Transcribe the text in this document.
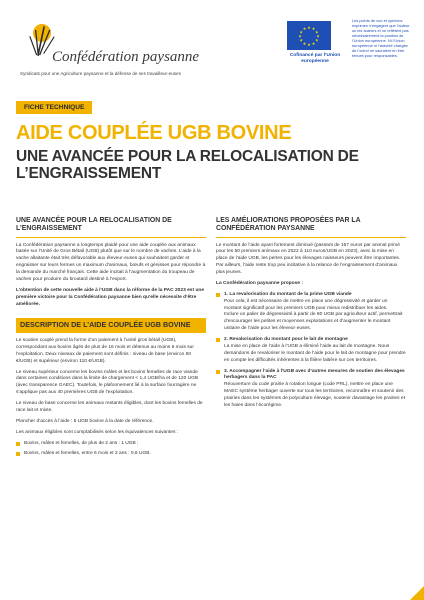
Confédération paysanne
Syndicats pour une Agriculture paysanne et la défense de ses travailleur-euses
★ ★
★
★
★
★
★
★
★
★
★
★
Cofinancé par l’Union européenne
Les points de vue et opinions exprimés n’engagent que l’auteur ou les auteurs et ne reflètent pas nécessairement la position de l’Union européenne. Ni l’Union européenne ni l’autorité chargée de l’octroi ne sauraient en être tenues pour responsables.
FICHE TECHNIQUE
AIDE COUPLÉE UGB BOVINE
UNE AVANCÉE POUR LA RELOCALISATION DE L’ENGRAISSEMENT
UNE AVANCÉE POUR LA RELOCALISATION DE L’ENGRAISSEMENT

La Confédération paysanne a longtemps plaidé pour une aide couplée aux animaux basée sur l’Unité de Gros Bétail (UGB) plutôt que sur le nombre de vaches. L’aide à la vache allaitante était très défavorable aux éleveur·euses qui souhaitent garder et engraisser sur leurs fermes un maximum d’animaux, bœufs et génisses pour répondre à la demande du marché français. Cette aide incitait à l’augmentation du troupeau de vaches pour produire du broutard destiné à l’export.

L’obtention de cette nouvelle aide à l’UGB dans la réforme de la PAC 2023 est une première victoire pour la Confédération paysanne bien qu’elle nécessite d’être améliorée.

DESCRIPTION DE L’AIDE COUPLÉE UGB BOVINE

Le soutien couplé prend la forme d’un paiement à l’unité gros bétail (UGB), correspondant aux bovins âgés de plus de 16 mois et détenus au moins 6 mois sur l’exploitation. Deux niveaux de paiement sont définis : niveau de base (environ 60 €/UGB) et supérieur (environ 110 €/UGB).

Le niveau supérieur concerne les bovins mâles et les bovins femelles de race viande dans certaines conditions dans la limite de chargement < 1,4 UGB/ha et de 120 UGB (avec transparence GAEC). Toutefois, le plafonnement lié à la surface fourragère ne s’applique pas aux 40 premières UGB de l’exploitation.

Le niveau de base concerne les animaux restants éligibles, dont les bovins femelles de race lait et mixte.

Plancher d’accès à l’aide : 5 UGB bovine à la date de référence.

Les animaux éligibles sont comptabilisés selon les équivalences suivantes :

Bovins, mâles et femelles, de plus de 2 ans : 1 UGB ;
Bovins, mâles et femelles, entre 6 mois et 2 ans : 0,6 UGB.
LES AMÉLIORATIONS PROPOSÉES PAR LA CONFÉDÉRATION PAYSANNE

Le montant de l’aide ayant fortement diminué (passant de 167 euros par animal primé pour les 50 premiers animaux en 2022 à 110 euros/UGB en 2023), avec la mise en place de l’aide UGB, les pertes pour les élevages naisseurs peuvent être importantes. Par ailleurs, l’aide reste trop peu incitative à la relance de l’engraissement d’animaux plus jeunes.

La Confédération paysanne propose :

1. La revalorisation du montant de la prime UGB viande
Pour cela, il est nécessaire de mettre en place une dégressivité et garder un montant significatif pour les premiers UGB pour mieux redistribuer les aides.
Inclure un palier de dégressivité à partir de 80 UGB par agriculteur actif, permettrait d’encourager les petites et moyennes exploitations et d’augmenter le montant unitaire de l’aide pour les éleveur·euses.
2. Revalorisation du montant pour le lait de montagne
La mise en place de l’aide à l’UGB a éliminé l’aide au lait de montagne. Nous demandons de revaloriser le montant de l’aide pour le lait de montagne pour prendre en compte les difficultés inhérentes à la filière laitière sur ces territoires.
3. Accompagner l’aide à l’UGB avec d’autres mesures de soutien des élevages herbagers dans la PAC
Réouverture du code prairie à rotation longue (code PRL), mettre en place une MAEC système herbager ouverte sur tous les territoires, reconnaître et soutenir des prairies dans les systèmes de polyculture élevage, soutenir davantage les prairies et les haies dans l’écorégime.
